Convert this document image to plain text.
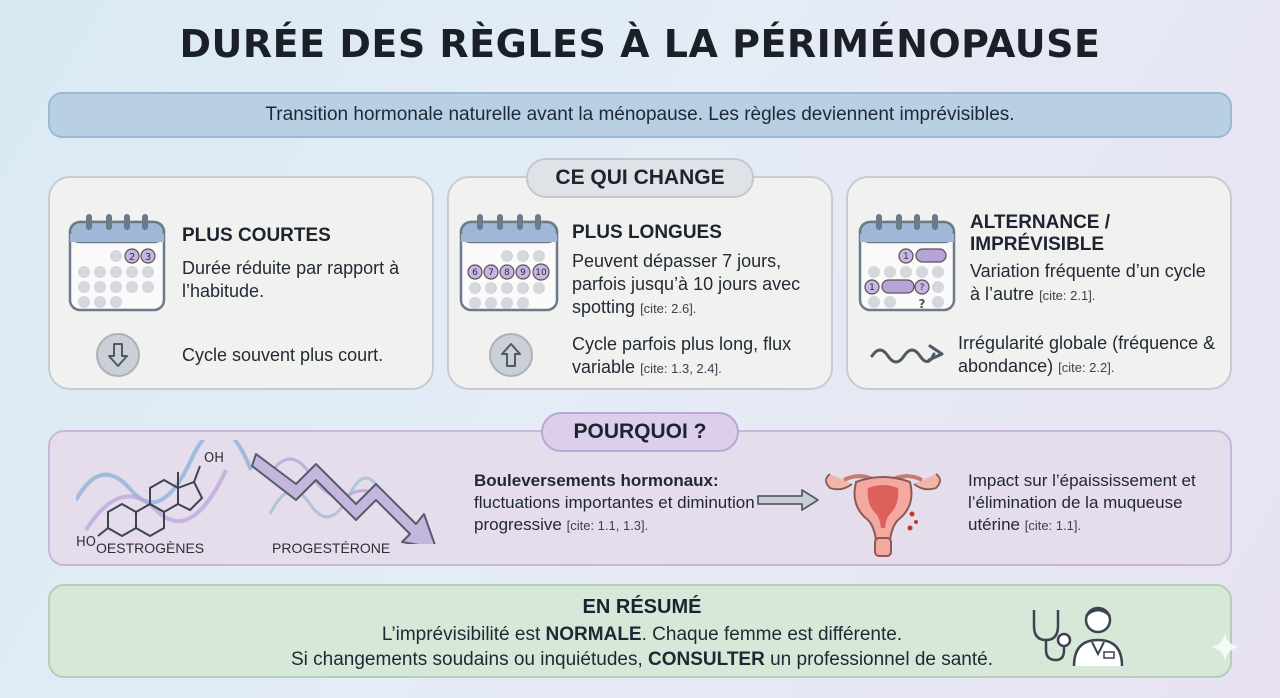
DURÉE DES RÈGLES À LA PÉRIMÉNOPAUSE
Transition hormonale naturelle avant la ménopause. Les règles deviennent imprévisibles.
2 3
PLUS COURTES
Durée réduite par rapport à l’habitude.
Cycle souvent plus court.
6 7 8 9 10
PLUS LONGUES
Peuvent dépasser 7 jours, parfois jusqu’à 10 jours avec spotting [cite: 2.6].
Cycle parfois plus long, flux variable [cite: 1.3, 2.4].
1
1	?
?
ALTERNANCE / IMPRÉVISIBLE
Variation fréquente d’un cycle à l’autre [cite: 2.1].
Irrégularité globale (fréquence & abondance) [cite: 2.2].
CE QUI CHANGE
OH
HO OESTROGÈNES	PROGESTÉRONE
Bouleversements hormonaux:
fluctuations importantes et diminution progressive [cite: 1.1, 1.3].
Impact sur l’épaississement et l’élimination de la muqueuse utérine [cite: 1.1].
POURQUOI ?
EN RÉSUMÉ
L’imprévisibilité est NORMALE. Chaque femme est différente.
Si changements soudains ou inquiétudes, CONSULTER un professionnel de santé.
